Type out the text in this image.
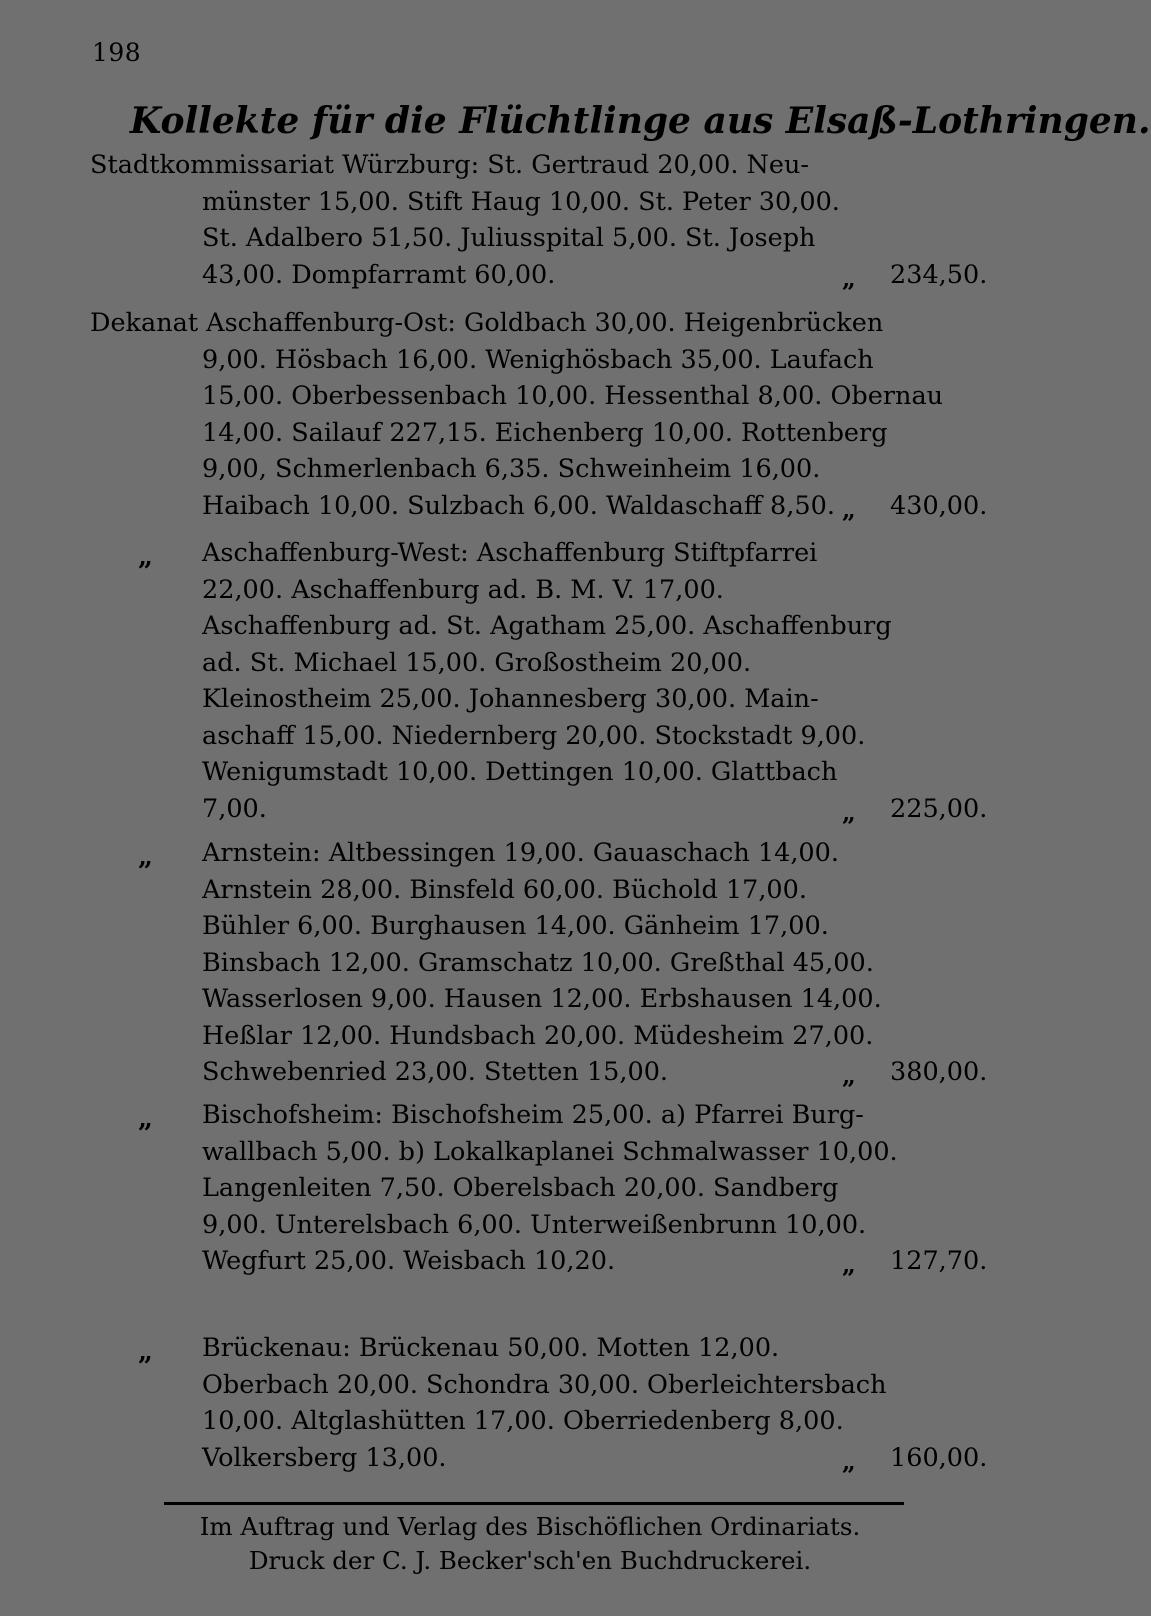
198
Kollekte für die Flüchtlinge aus Elsaß-Lothringen.
Stadtkommissariat Würzburg: St. Gertraud 20,00. Neu-
münster 15,00. Stift Haug 10,00. St. Peter 30,00.
St. Adalbero 51,50. Juliusspital 5,00. St. Joseph
43,00. Dompfarramt 60,00.	„ 234,50.
Dekanat Aschaffenburg-Ost: Goldbach 30,00. Heigenbrücken
9,00. Hösbach 16,00. Wenighösbach 35,00. Laufach
15,00. Oberbessenbach 10,00. Hessenthal 8,00. Obernau
14,00. Sailauf 227,15. Eichenberg 10,00. Rottenberg
9,00, Schmerlenbach 6,35. Schweinheim 16,00.
Haibach 10,00. Sulzbach 6,00. Waldaschaff 8,50. „ 430,00.
„ Aschaffenburg-West: Aschaffenburg Stiftpfarrei
22,00. Aschaffenburg ad. B. M. V. 17,00.
Aschaffenburg ad. St. Agatham 25,00. Aschaffenburg
ad. St. Michael 15,00. Großostheim 20,00.
Kleinostheim 25,00. Johannesberg 30,00. Main-
aschaff 15,00. Niedernberg 20,00. Stockstadt 9,00.
Wenigumstadt 10,00. Dettingen 10,00. Glattbach
7,00.	„ 225,00.
„ Arnstein: Altbessingen 19,00. Gauaschach 14,00.
Arnstein 28,00. Binsfeld 60,00. Büchold 17,00.
Bühler 6,00. Burghausen 14,00. Gänheim 17,00.
Binsbach 12,00. Gramschatz 10,00. Greßthal 45,00.
Wasserlosen 9,00. Hausen 12,00. Erbshausen 14,00.
Heßlar 12,00. Hundsbach 20,00. Müdesheim 27,00.
Schwebenried 23,00. Stetten 15,00.	„ 380,00.
„ Bischofsheim: Bischofsheim 25,00. a) Pfarrei Burg-
wallbach 5,00. b) Lokalkaplanei Schmalwasser 10,00.
Langenleiten 7,50. Oberelsbach 20,00. Sandberg
9,00. Unterelsbach 6,00. Unterweißenbrunn 10,00.
Wegfurt 25,00. Weisbach 10,20.	„ 127,70.
„ Brückenau: Brückenau 50,00. Motten 12,00.
Oberbach 20,00. Schondra 30,00. Oberleichtersbach
10,00. Altglashütten 17,00. Oberriedenberg 8,00.
Volkersberg 13,00.	„ 160,00.
Im Auftrag und Verlag des Bischöflichen Ordinariats.
Druck der C. J. Becker'sch'en Buchdruckerei.
